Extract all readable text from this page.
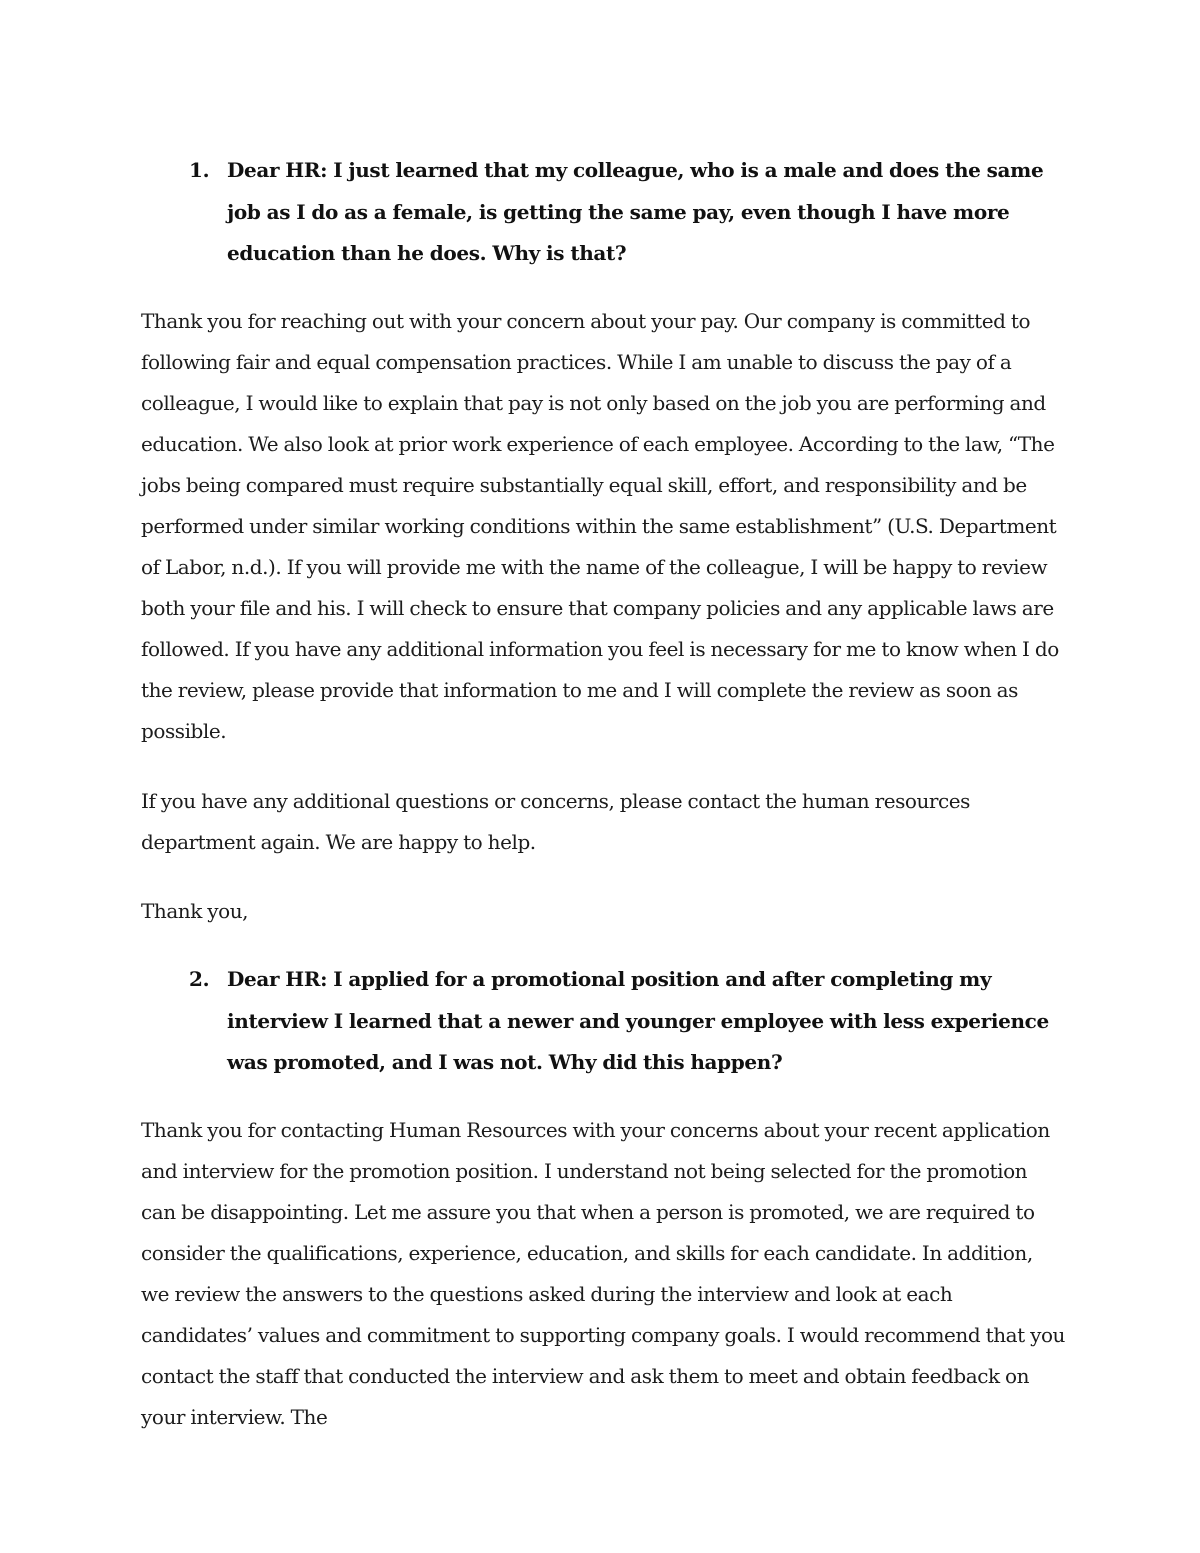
1. Dear HR: I just learned that my colleague, who is a male and does the same job as I do as a female, is getting the same pay, even though I have more education than he does. Why is that?

Thank you for reaching out with your concern about your pay. Our company is committed to following fair and equal compensation practices. While I am unable to discuss the pay of a colleague, I would like to explain that pay is not only based on the job you are performing and education. We also look at prior work experience of each employee. According to the law, “The jobs being compared must require substantially equal skill, effort, and responsibility and be performed under similar working conditions within the same establishment” (U.S. Department of Labor, n.d.). If you will provide me with the name of the colleague, I will be happy to review both your file and his. I will check to ensure that company policies and any applicable laws are followed. If you have any additional information you feel is necessary for me to know when I do the review, please provide that information to me and I will complete the review as soon as possible.

If you have any additional questions or concerns, please contact the human resources department again. We are happy to help.

Thank you,

2. Dear HR: I applied for a promotional position and after completing my interview I learned that a newer and younger employee with less experience was promoted, and I was not. Why did this happen?

Thank you for contacting Human Resources with your concerns about your recent application and interview for the promotion position. I understand not being selected for the promotion can be disappointing. Let me assure you that when a person is promoted, we are required to consider the qualifications, experience, education, and skills for each candidate. In addition, we review the answers to the questions asked during the interview and look at each candidates’ values and commitment to supporting company goals. I would recommend that you contact the staff that conducted the interview and ask them to meet and obtain feedback on your interview. The
